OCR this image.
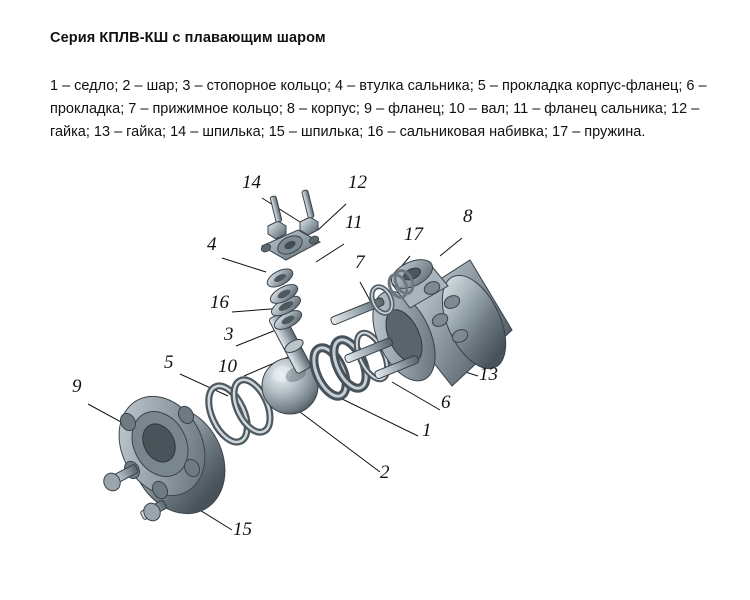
Серия КПЛВ-КШ с плавающим шаром
1 – седло; 2 – шар; 3 – стопорное кольцо; 4 – втулка сальника; 5 – прокладка корпус-фланец; 6 – прокладка; 7 – прижимное кольцо; 8 – корпус; 9 – фланец; 10 – вал; 11 – фланец сальника; 12 – гайка; 13 – гайка; 14 – шпилька; 15 – шпилька; 16 – сальниковая набивка; 17 – пружина.
14	12
11	8
17
4
7
16
3
10
5
13
9
6
1
2
15
